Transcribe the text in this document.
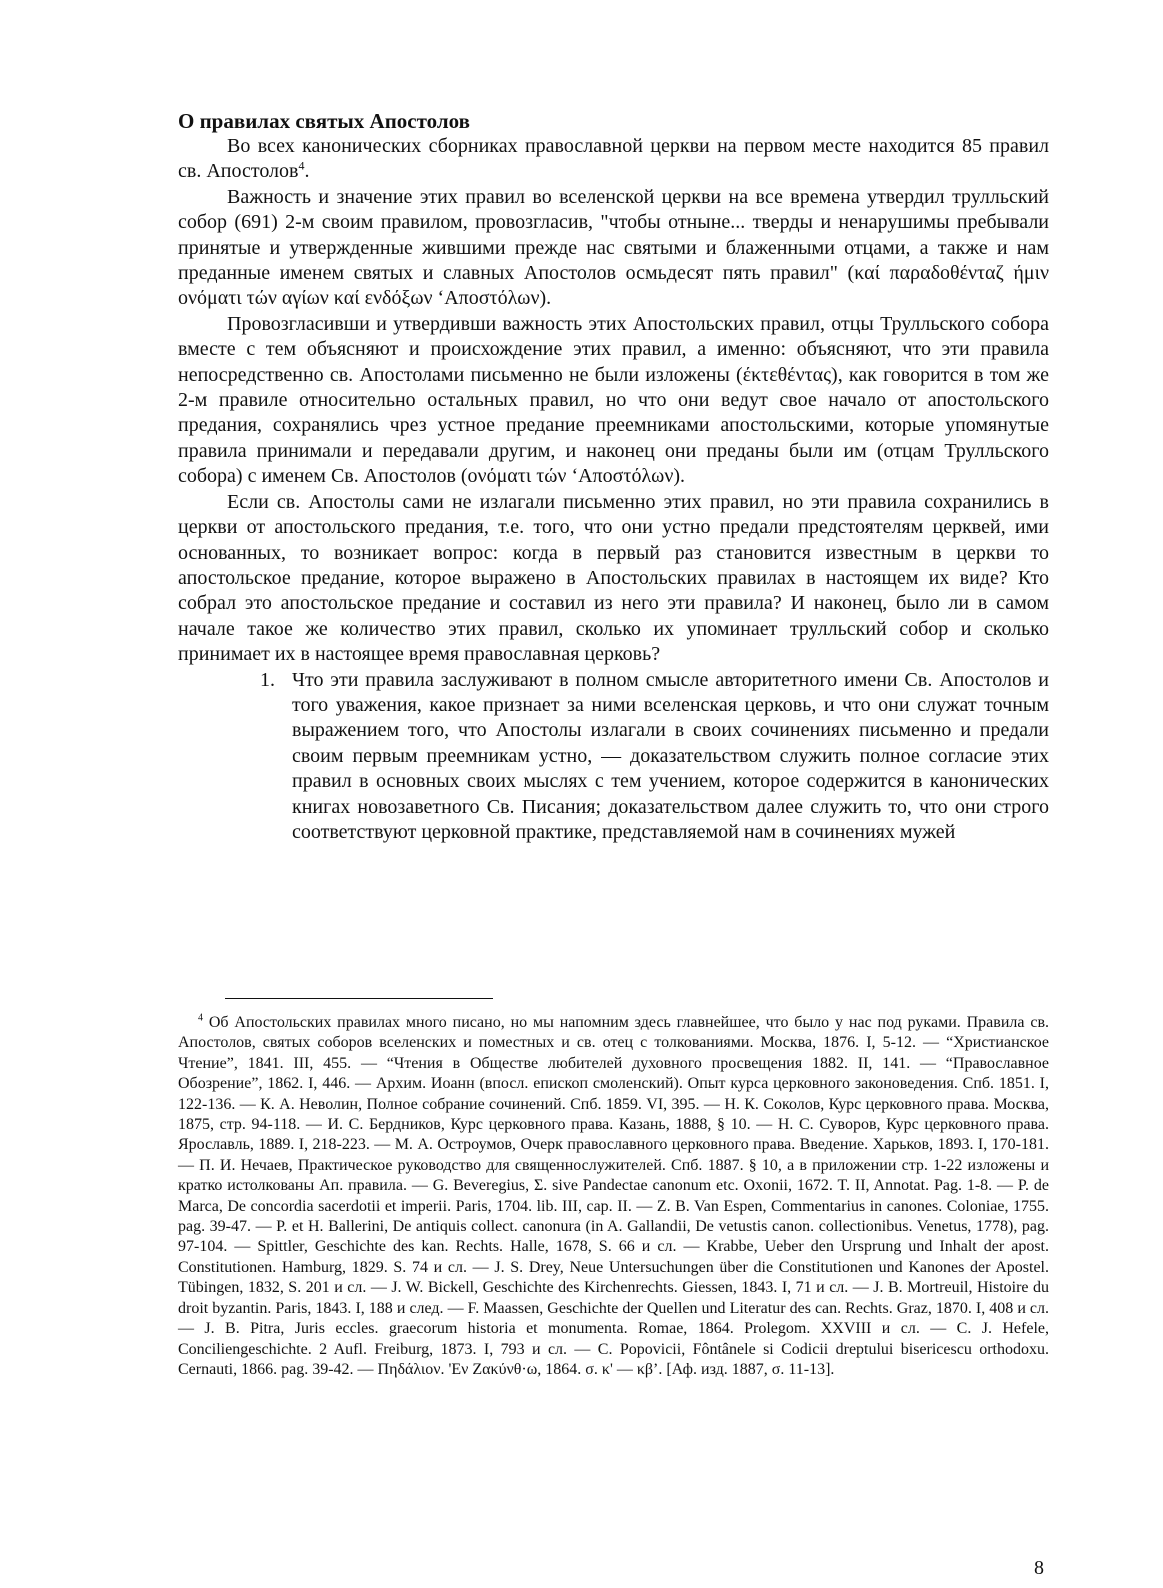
О правилах святых Апостолов

Во всех канонических сборниках православной церкви на первом месте находится 85 правил св. Апостолов$^4$.

Важность и значение этих правил во вселенской церкви на все времена утвердил трулльский собор (691) 2-м своим правилом, провозгласив, "чтобы отныне... тверды и ненарушимы пребывали принятые и утвержденные жившими прежде нас святыми и блаженными отцами, а также и нам преданные именем святых и славных Апостолов осмьдесят пять правил" (καί παραδοθένταζ ήμιν ονόματι τών αγίων καί ενδόξων ‘Αποστόλων).

Провозгласивши и утвердивши важность этих Апостольских правил, отцы Трулльского собора вместе с тем объясняют и происхождение этих правил, а именно: объясняют, что эти правила непосредственно св. Апостолами письменно не были изложены (έκτεθέντας), как говорится в том же 2-м правиле относительно остальных правил, но что они ведут свое начало от апостольского предания, сохранялись чрез устное предание преемниками апостольскими, которые упомянутые правила принимали и передавали другим, и наконец они преданы были им (отцам Трулльского собора) с именем Св. Апостолов (ονόματι τών ‘Αποστόλων).

Если св. Апостолы сами не излагали письменно этих правил, но эти правила сохранились в церкви от апостольского предания, т.е. того, что они устно предали предстоятелям церквей, ими основанных, то возникает вопрос: когда в первый раз становится известным в церкви то апостольское предание, которое выражено в Апостольских правилах в настоящем их виде? Кто собрал это апостольское предание и составил из него эти правила? И наконец, было ли в самом начале такое же количество этих правил, сколько их упоминает трулльский собор и сколько принимает их в настоящее время православная церковь?

1. Что эти правила заслуживают в полном смысле авторитетного имени Св. Апостолов и того уважения, какое признает за ними вселенская церковь, и что они служат точным выражением того, что Апостолы излагали в своих сочинениях письменно и предали своим первым преемникам устно, — доказательством служить полное согласие этих правил в основных своих мыслях с тем учением, которое содержится в канонических книгах новозаветного Св. Писания; доказательством далее служить то, что они строго соответствуют церковной практике, представляемой нам в сочинениях мужей

$^4$ Об Апостольских правилах много писано, но мы напомним здесь главнейшее, что было у нас под руками. Правила св. Апостолов, святых соборов вселенских и поместных и св. отец с толкованиями. Москва, 1876. I, 5-12. — “Христианское Чтение”, 1841. III, 455. — “Чтения в Обществе любителей духовного просвещения 1882. II, 141. — “Православное Обозрение”, 1862. I, 446. — Архим. Иоанн (впосл. епископ смоленский). Опыт курса церковного законоведения. Спб. 1851. I, 122-136. — К. А. Неволин, Полное собрание сочинений. Спб. 1859. VI, 395. — Н. К. Соколов, Курс церковного права. Москва, 1875, стр. 94-118. — И. С. Бердников, Курс церковного права. Казань, 1888, § 10. — Н. С. Суворов, Курс церковного права. Ярославль, 1889. I, 218-223. — М. А. Остроумов, Очерк православного церковного права. Введение. Харьков, 1893. I, 170-181. — П. И. Нечаев, Практическое руководство для священнослужителей. Спб. 1887. § 10, а в приложении стр. 1-22 изложены и кратко истолкованы Ап. правила. — G. Beveregius, Σ. sive Pandectae canonum etc. Oxonii, 1672. T. II, Annotat. Pag. 1-8. — P. de Marca, De concordia sacerdotii et imperii. Paris, 1704. lib. III, cap. II. — Z. B. Van Espen, Commentarius in canones. Coloniae, 1755. pag. 39-47. — P. et H. Ballerini, De antiquis collect. canonura (in A. Gallandii, De vetustis canon. collectionibus. Venetus, 1778), pag. 97-104. — Spittler, Geschichte des kan. Rechts. Halle, 1678, S. 66 и сл. — Krabbe, Ueber den Ursprung und Inhalt der apost. Constitutionen. Hamburg, 1829. S. 74 и сл. — J. S. Drey, Neue Untersuchungen über die Constitutionen und Kanones der Apostel. Tübingen, 1832, S. 201 и сл. — J. W. Bickell, Geschichte des Kirchenrechts. Giessen, 1843. I, 71 и сл. — J. B. Mortreuil, Histoire du droit byzantin. Paris, 1843. I, 188 и след. — F. Maassen, Geschichte der Quellen und Literatur des can. Rechts. Graz, 1870. I, 408 и сл. — J. B. Pitra, Juris eccles. graecorum historia et monumenta. Romae, 1864. Prolegom. XXVIII и сл. — C. J. Hefele, Conciliengeschichte. 2 Aufl. Freiburg, 1873. I, 793 и сл. — C. Popovicii, Fôntânele si Codicii dreptului bisericescu orthodoxu. Cernauti, 1866. pag. 39-42. — Πηδάλιον. 'Εν Ζακύνθ·ω, 1864. σ. κ' — κβ’. [Аф. изд. 1887, σ. 11-13].

8
